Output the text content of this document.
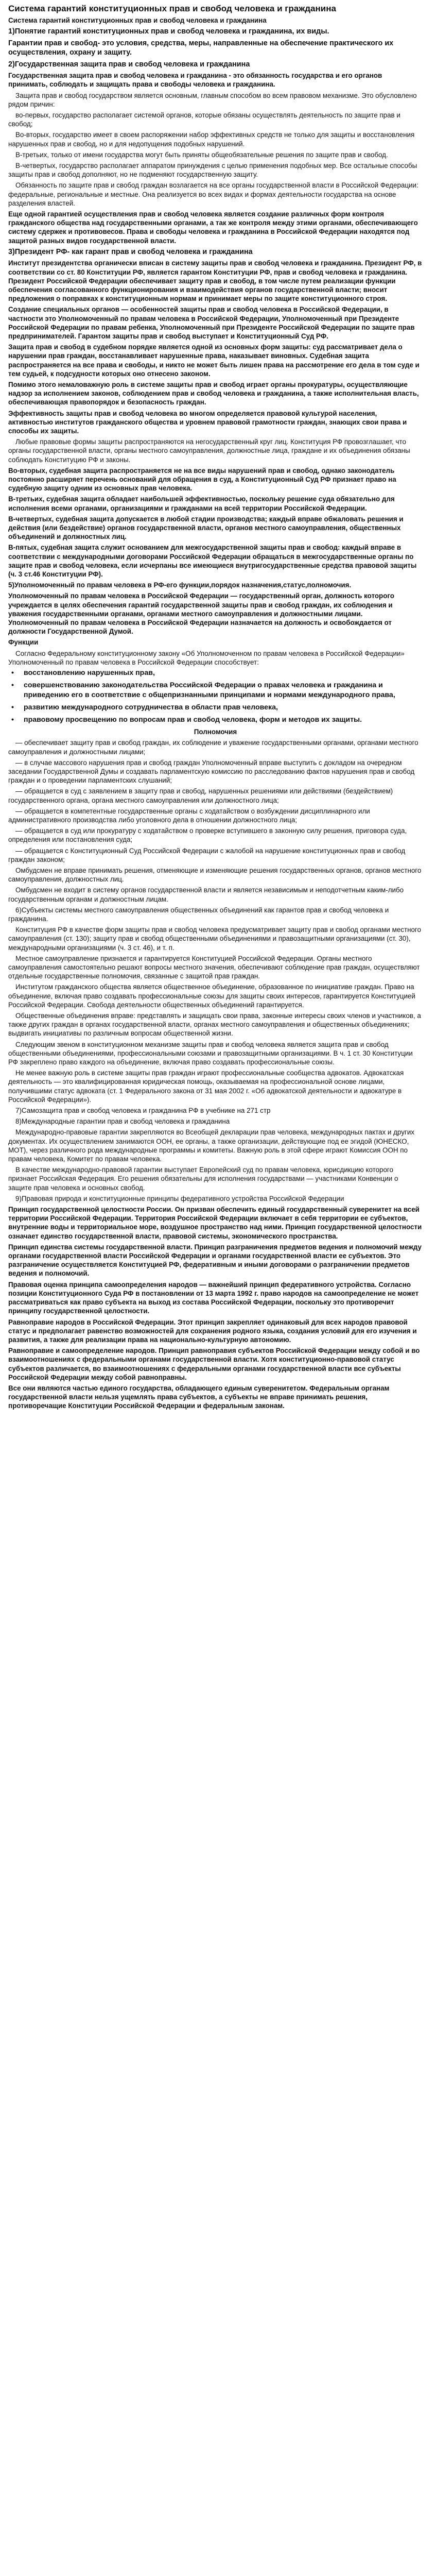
Система гарантий конституционных прав и свобод человека и гражданина

Система гарантий конституционных прав и свобод человека и гражданина

1)Понятие гарантий конституционных прав и свобод человека и гражданина, их виды.

Гарантии прав и свобод- это условия, средства, меры, направленные на обеспечение практического их осуществления, охрану и защиту.

2)Государственная защита прав и свобод человека и гражданина

Государственная защита прав и свобод человека и гражданина - это обязанность государства и его органов принимать, соблюдать и защищать права и свободы человека и гражданина.

Защита прав и свобод государством является основным, главным способом во всем правовом механизме. Это обусловлено рядом причин:

во-первых, государство располагает системой органов, которые обязаны осуществлять деятельность по защите прав и свобод;

Во-вторых, государство имеет в своем распоряжении набор эффективных средств не только для защиты и восстановления нарушенных прав и свобод, но и для недопущения подобных нарушений.

В-третьих, только от имени государства могут быть приняты общеобязательные решения по защите прав и свобод.

В-четвертых, государство располагает аппаратом принуждения с целью применения подобных мер. Все остальные способы защиты прав и свобод дополняют, но не подменяют государственную защиту.

Обязанность по защите прав и свобод граждан возлагается на все органы государственной власти в Российской Федерации: федеральные, региональные и местные. Она реализуется во всех видах и формах деятельности государства на основе разделения властей.

Еще одной гарантией осуществления прав и свобод человека является создание различных форм контроля гражданского общества над государственными органами, а так же контроля между этими органами, обеспечивающего систему сдержек и противовесов. Права и свободы человека и гражданина в Российской Федерации находятся под защитой разных видов государственной власти.

3)Президент РФ- как гарант прав и свобод человека и гражданина

Институт президентства органически вписан в систему защиты прав и свобод человека и гражданина. Президент РФ, в соответствии со ст. 80 Конституции РФ, является гарантом Конституции РФ, прав и свобод человека и гражданина. Президент Российской Федерации обеспечивает защиту прав и свобод, в том числе путем реализации функции обеспечения согласованного функционирования и взаимодействия органов государственной власти; вносит предложения о поправках к конституционным нормам и принимает меры по защите конституционного строя.

Создание специальных органов — особенностей защиты прав и свобод человека в Российской Федерации, в частности это Уполномоченный по правам человека в Российской Федерации, Уполномоченный при Президенте Российской Федерации по правам ребенка, Уполномоченный при Президенте Российской Федерации по защите прав предпринимателей. Гарантом защиты прав и свобод выступает и Конституционный Суд РФ.

Защита прав и свобод в судебном порядке является одной из основных форм защиты: суд рассматривает дела о нарушении прав граждан, восстанавливает нарушенные права, наказывает виновных. Судебная защита распространяется на все права и свободы, и никто не может быть лишен права на рассмотрение его дела в том суде и тем судьей, к подсудности которых оно отнесено законом.

Помимо этого немаловажную роль в системе защиты прав и свобод играет органы прокуратуры, осуществляющие надзор за исполнением законов, соблюдением прав и свобод человека и гражданина, а также исполнительная власть, обеспечивающая правопорядок и безопасность граждан.

Эффективность защиты прав и свобод человека во многом определяется правовой культурой населения, активностью институтов гражданского общества и уровнем правовой грамотности граждан, знающих свои права и способы их защиты.

Любые правовые формы защиты распространяются на негосударственный круг лиц. Конституция РФ провозглашает, что органы государственной власти, органы местного самоуправления, должностные лица, граждане и их объединения обязаны соблюдать Конституцию РФ и законы.

Во-вторых, судебная защита распространяется не на все виды нарушений прав и свобод, однако законодатель постоянно расширяет перечень оснований для обращения в суд, а Конституционный Суд РФ признает право на судебную защиту одним из основных прав человека.

В-третьих, судебная защита обладает наибольшей эффективностью, поскольку решение суда обязательно для исполнения всеми органами, организациями и гражданами на всей территории Российской Федерации.

В-четвертых, судебная защита допускается в любой стадии производства; каждый вправе обжаловать решения и действия (или бездействие) органов государственной власти, органов местного самоуправления, общественных объединений и должностных лиц.

В-пятых, судебная защита служит основанием для межгосударственной защиты прав и свобод: каждый вправе в соответствии с международными договорами Российской Федерации обращаться в межгосударственные органы по защите прав и свобод человека, если исчерпаны все имеющиеся внутригосударственные средства правовой защиты (ч. 3 ст.46 Конституции РФ).

5)Уполномоченный по правам человека в РФ-его функции,порядок назначения,статус,полномочия.

Уполномоченный по правам человека в Российской Федерации — государственный орган, должность которого учреждается в целях обеспечения гарантий государственной защиты прав и свобод граждан, их соблюдения и уважения государственными органами, органами местного самоуправления и должностными лицами. Уполномоченный по правам человека в Российской Федерации назначается на должность и освобождается от должности Государственной Думой.

Функции

Согласно Федеральному конституционному закону «Об Уполномоченном по правам человека в Российской Федерации» Уполномоченный по правам человека в Российской Федерации способствует:

•	восстановлению нарушенных прав,
•	совершенствованию законодательства Российской Федерации о правах человека и гражданина и приведению его в соответствие с общепризнанными принципами и нормами международного права,
•	развитию международного сотрудничества в области прав человека,
•	правовому просвещению по вопросам прав и свобод человека, форм и методов их защиты.

Полномочия

— обеспечивает защиту прав и свобод граждан, их соблюдение и уважение государственными органами, органами местного самоуправления и должностными лицами;

— в случае массового нарушения прав и свобод граждан Уполномоченный вправе выступить с докладом на очередном заседании Государственной Думы и создавать парламентскую комиссию по расследованию фактов нарушения прав и свобод граждан и о проведении парламентских слушаний;

— обращается в суд с заявлением в защиту прав и свобод, нарушенных решениями или действиями (бездействием) государственного органа, органа местного самоуправления или должностного лица;

— обращается в компетентные государственные органы с ходатайством о возбуждении дисциплинарного или административного производства либо уголовного дела в отношении должностного лица;

— обращается в суд или прокуратуру с ходатайством о проверке вступившего в законную силу решения, приговора суда, определения или постановления суда;

— обращается с Конституционный Суд Российской Федерации с жалобой на нарушение конституционных прав и свобод граждан законом;

Омбудсмен не вправе принимать решения, отменяющие и изменяющие решения государственных органов, органов местного самоуправления, должностных лиц.

Омбудсмен не входит в систему органов государственной власти и является независимым и неподотчетным каким-либо государственным органам и должностным лицам.

6)Субъекты системы местного самоуправления общественных объединений как гарантов прав и свобод человека и гражданина.

Конституция РФ в качестве форм защиты прав и свобод человека предусматривает защиту прав и свобод органами местного самоуправления (ст. 130); защиту прав и свобод общественными объединениями и правозащитными организациями (ст. 30), международными организациями (ч. 3 ст. 46), и т. п.

Местное самоуправление признается и гарантируется Конституцией Российской Федерации. Органы местного самоуправления самостоятельно решают вопросы местного значения, обеспечивают соблюдение прав граждан, осуществляют отдельные государственные полномочия, связанные с защитой прав граждан.

Институтом гражданского общества является общественное объединение, образованное по инициативе граждан. Право на объединение, включая право создавать профессиональные союзы для защиты своих интересов, гарантируется Конституцией Российской Федерации. Свобода деятельности общественных объединений гарантируется.

Общественные объединения вправе: представлять и защищать свои права, законные интересы своих членов и участников, а также других граждан в органах государственной власти, органах местного самоуправления и общественных объединениях; выдвигать инициативы по различным вопросам общественной жизни.

Следующим звеном в конституционном механизме защиты прав и свобод человека является защита прав и свобод общественными объединениями, профессиональными союзами и правозащитными организациями. В ч. 1 ст. 30 Конституции РФ закреплено право каждого на объединение, включая право создавать профессиональные союзы.

Не менее важную роль в системе защиты прав граждан играют профессиональные сообщества адвокатов. Адвокатская деятельность — это квалифицированная юридическая помощь, оказываемая на профессиональной основе лицами, получившими статус адвоката (ст. 1 Федерального закона от 31 мая 2002 г. «Об адвокатской деятельности и адвокатуре в Российской Федерации»).

7)Самозащита прав и свобод человека и гражданина РФ в учебнике на 271 стр

8)Международные гарантии прав и свобод человека и гражданина

Международно-правовые гарантии закрепляются во Всеобщей декларации прав человека, международных пактах и других документах. Их осуществлением занимаются ООН, ее органы, а также организации, действующие под ее эгидой (ЮНЕСКО, МОТ), через различного рода международные программы и комитеты. Важную роль в этой сфере играют Комиссия ООН по правам человека, Комитет по правам человека.

В качестве международно-правовой гарантии выступает Европейский суд по правам человека, юрисдикцию которого признает Российская Федерация. Его решения обязательны для исполнения государствами — участниками Конвенции о защите прав человека и основных свобод.

9)Правовая природа и конституционные принципы федеративного устройства Российской Федерации

Принцип государственной целостности России. Он призван обеспечить единый государственный суверенитет на всей территории Российской Федерации. Территория Российской Федерации включает в себя территории ее субъектов, внутренние воды и территориальное море, воздушное пространство над ними. Принцип государственной целостности означает единство государственной власти, правовой системы, экономического пространства.

Принцип единства системы государственной власти. Принцип разграничения предметов ведения и полномочий между органами государственной власти Российской Федерации и органами государственной власти ее субъектов. Это разграничение осуществляется Конституцией РФ, федеративным и иными договорами о разграничении предметов ведения и полномочий.

Правовая оценка принципа самоопределения народов — важнейший принцип федеративного устройства. Согласно позиции Конституционного Суда РФ в постановлении от 13 марта 1992 г. право народов на самоопределение не может рассматриваться как право субъекта на выход из состава Российской Федерации, поскольку это противоречит принципу государственной целостности.

Равноправие народов в Российской Федерации. Этот принцип закрепляет одинаковый для всех народов правовой статус и предполагает равенство возможностей для сохранения родного языка, создания условий для его изучения и развития, а также для реализации права на национально-культурную автономию.

Равноправие и самоопределение народов. Принцип равноправия субъектов Российской Федерации между собой и во взаимоотношениях с федеральными органами государственной власти. Хотя конституционно-правовой статус субъектов различается, во взаимоотношениях с федеральными органами государственной власти все субъекты Российской Федерации между собой равноправны.

Все они являются частью единого государства, обладающего единым суверенитетом. Федеральным органам государственной власти нельзя ущемлять права субъектов, а субъекты не вправе принимать решения, противоречащие Конституции Российской Федерации и федеральным законам.
